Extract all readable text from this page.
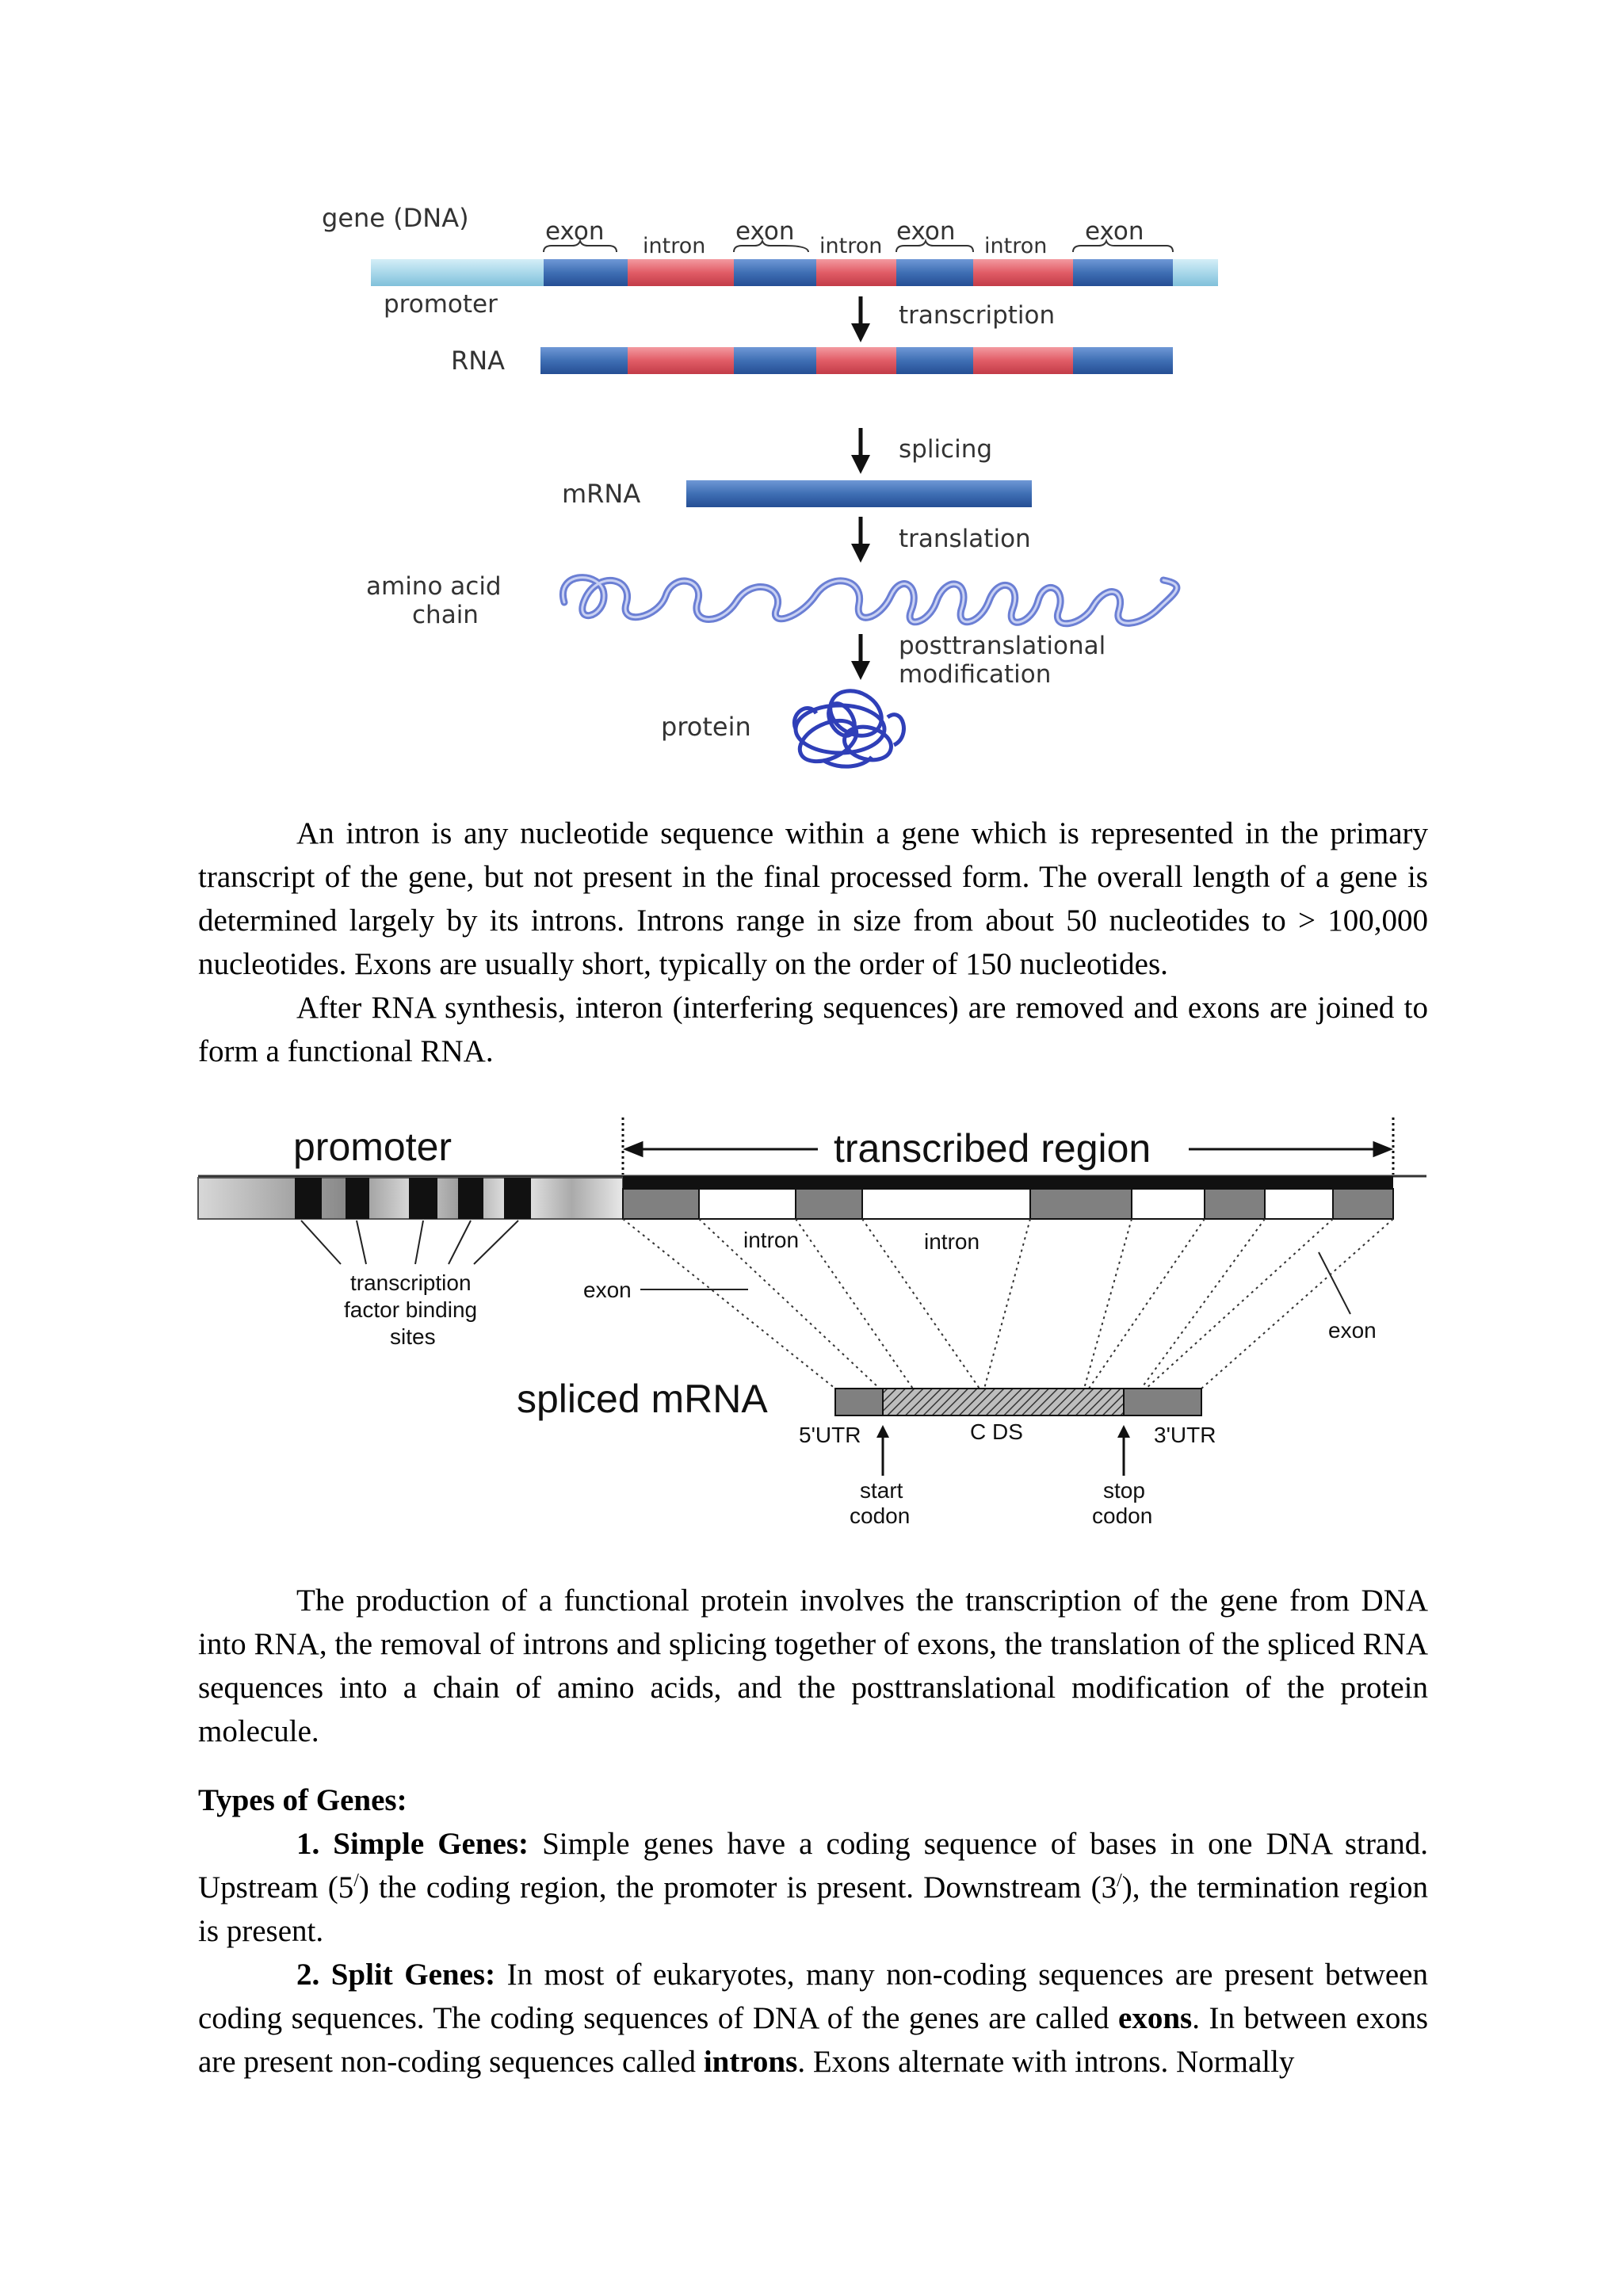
gene (DNA)	exon
intron
exon
intron
exon
intron
exon
promoter	transcription
RNA
splicing
mRNA
translation
amino acid
chain
posttranslational
modification
protein

An intron is any nucleotide sequence within a gene which is represented in the primary transcript of the gene, but not present in the final processed form. The overall length of a gene is determined largely by its introns. Introns range in size from about 50 nucleotides to > 100,000 nucleotides. Exons are usually short, typically on the order of 150 nucleotides.

After RNA synthesis, interon (interfering sequences) are removed and exons are joined to form a functional RNA.

promoter	transcribed region
transcription
factor binding
sites
intron	intron
exon
exon
spliced mRNA
5'UTR	C DS	3'UTR
start
codon
stop
codon

The production of a functional protein involves the transcription of the gene from DNA into RNA, the removal of introns and splicing together of exons, the translation of the spliced RNA sequences into a chain of amino acids, and the posttranslational modification of the protein molecule.

Types of Genes:

1. Simple Genes: Simple genes have a coding sequence of bases in one DNA strand. Upstream (5/) the coding region, the promoter is present. Downstream (3/), the termination region is present.

2. Split Genes: In most of eukaryotes, many non-coding sequences are present between coding sequences. The coding sequences of DNA of the genes are called exons. In between exons are present non-coding sequences called introns. Exons alternate with introns. Normally
